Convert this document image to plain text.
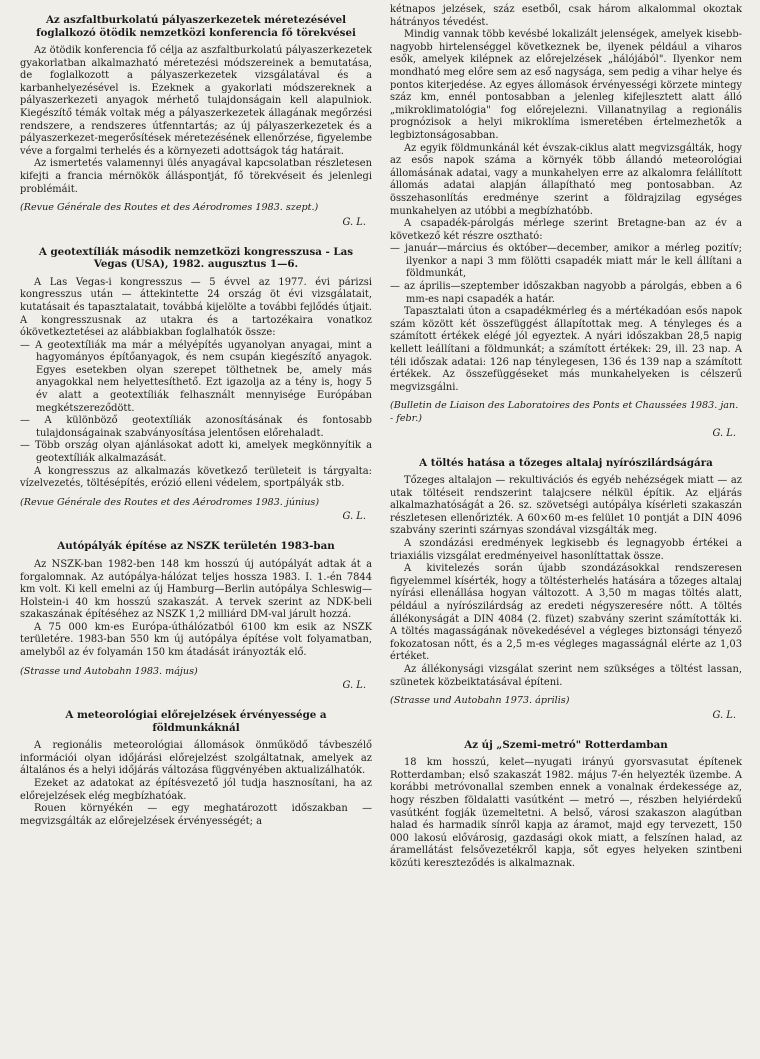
Az aszfaltburkolatú pályaszerkezetek méretezésével foglalkozó ötödik nemzetközi konferencia fő törekvései

Az ötödik konferencia fő célja az aszfaltburkolatú pályaszerkezetek gyakorlatban alkalmazható méretezési módszereinek a bemutatása, de foglalkozott a pályaszerkezetek vizsgálatával és a karbanhelyezésével is. Ezeknek a gyakorlati módszereknek a pályaszerkezeti anyagok mérhető tulajdonságain kell alapulniok. Kiegészítő témák voltak még a pályaszerkezetek állagának megőrzési rendszere, a rendszeres útfenntartás; az új pályaszerkezetek és a pályaszerkezet-megerősítések méretezésének ellenőrzése, figyelembe véve a forgalmi terhelés és a környezeti adottságok tág határait.

Az ismertetés valamennyi ülés anyagával kapcsolatban részletesen kifejti a francia mérnökök álláspontját, fő törekvéseit és jelenlegi problémáit.

(Revue Générale des Routes et des Aérodromes 1983. szept.)

G. L.
A geotextíliák második nemzetközi kongresszusa - Las Vegas (USA), 1982. augusztus 1—6.

A Las Vegas-i kongresszus — 5 évvel az 1977. évi párizsi kongresszus után — áttekintette 24 ország öt évi vizsgálatait, kutatásait és tapasztalatait, továbbá kijelölte a további fejlődés útjait. A kongresszusnak az utakra és a tartozékaira vonatkoz ókövetkeztetései az alábbiakban foglalhatók össze:

— A geotextíliák ma már a mélyépítés ugyanolyan anyagai, mint a hagyományos építőanyagok, és nem csupán kiegészítő anyagok. Egyes esetekben olyan szerepet tölthetnek be, amely más anyagokkal nem helyettesíthető. Ezt igazolja az a tény is, hogy 5 év alatt a geotextíliák felhasznált mennyisége Európában megkétszereződött.
— A különböző geotextíliák azonosításának és fontosabb tulajdonságainak szabványosítása jelentősen előrehaladt.
— Több ország olyan ajánlásokat adott ki, amelyek megkönnyítik a geotextíliák alkalmazását.

A kongresszus az alkalmazás következő területeit is tárgyalta: vízelvezetés, töltésépítés, erózió elleni védelem, sportpályák stb.

(Revue Générale des Routes et des Aérodromes 1983. június)

G. L.
Autópályák építése az NSZK területén 1983-ban

Az NSZK-ban 1982-ben 148 km hosszú új autópályát adtak át a forgalomnak. Az autópálya-hálózat teljes hossza 1983. I. 1.-én 7844 km volt. Ki kell emelni az új Hamburg—Berlin autópálya Schleswig—Holstein-i 40 km hosszú szakaszát. A tervek szerint az NDK-beli szakaszának építéséhez az NSZK 1,2 milliárd DM-val járult hozzá.

A 75 000 km-es Európa-úthálózatból 6100 km esik az NSZK területére. 1983-ban 550 km új autópálya építése volt folyamatban, amelyből az év folyamán 150 km átadását irányozták elő.

(Strasse und Autobahn 1983. május)

G. L.
A meteorológiai előrejelzések érvényessége a földmunkáknál

A regionális meteorológiai állomások önműködő távbeszélő információi olyan időjárási előrejelzést szolgáltatnak, amelyek az általános és a helyi időjárás változása függvényében aktualizálhatók.

Ezeket az adatokat az építésvezető jól tudja hasznosítani, ha az előrejelzések elég megbízhatóak.

Rouen környékén — egy meghatározott időszakban — megvizsgálták az előrejelzések érvényességét; a

kétnapos jelzések, száz esetből, csak három alkalommal okoztak hátrányos tévedést.

Mindig vannak több kevésbé lokalizált jelenségek, amelyek kisebb-nagyobb hirtelenséggel következnek be, ilyenek például a viharos esők, amelyek kilépnek az előrejelzések „hálójából". Ilyenkor nem mondható meg előre sem az eső nagysága, sem pedig a vihar helye és pontos kiterjedése. Az egyes állomások érvényességi körzete mintegy száz km, ennél pontosabban a jelenleg kifejlesztett alatt álló „mikroklimatológia" fog előrejelezni. Villanatnyilag a regionális prognózisok a helyi mikroklíma ismeretében értelmezhetők a legbiztonságosabban.

Az egyik földmunkánál két évszak-ciklus alatt megvizsgálták, hogy az esős napok száma a környék több állandó meteorológiai állomásának adatai, vagy a munkahelyen erre az alkalomra felállított állomás adatai alapján állapítható meg pontosabban. Az összehasonlítás eredménye szerint a földrajzilag egységes munkahelyen az utóbbi a megbízhatóbb.

A csapadék-párolgás mérlege szerint Bretagne-ban az év a következő két részre osztható:

— január—március és október—december, amikor a mérleg pozitív; ilyenkor a napi 3 mm fölötti csapadék miatt már le kell állítani a földmunkát,
— az április—szeptember időszakban nagyobb a párolgás, ebben a 6 mm-es napi csapadék a határ.

Tapasztalati úton a csapadékmérleg és a mértékadóan esős napok szám között két összefüggést állapítottak meg. A tényleges és a számított értékek elégé jól egyeztek. A nyári időszakban 28,5 napig kellett leállítani a földmunkát; a számított értékek: 29, ill. 23 nap. A téli időszak adatai: 126 nap ténylegesen, 136 és 139 nap a számított értékek. Az összefüggéseket más munkahelyeken is célszerű megvizsgálni.

(Bulletin de Liaison des Laboratoires des Ponts et Chaussées 1983. jan. - febr.)

G. L.
A töltés hatása a tőzeges altalaj nyírószilárdságára

Tőzeges altalajon — rekultivációs és egyéb nehézségek miatt — az utak töltéseit rendszerint talajcsere nélkül építik. Az eljárás alkalmazhatóságát a 26. sz. szövetségi autópálya kísérleti szakaszán részletesen ellenőrizték. A 60×60 m-es felület 10 pontját a DIN 4096 szabvány szerinti szárnyas szondával vizsgálták meg.

A szondázási eredmények legkisebb és legnagyobb értékei a triaxiális vizsgálat eredményeivel hasonlíttattak össze.

A kivitelezés során újabb szondázásokkal rendszeresen figyelemmel kísérték, hogy a töltésterhelés hatására a tőzeges altalaj nyírási ellenállása hogyan változott. A 3,50 m magas töltés alatt, például a nyírószilárdság az eredeti négyszeresére nőtt. A töltés állékonyságát a DIN 4084 (2. füzet) szabvány szerint számították ki. A töltés magasságának növekedésével a végleges biztonsági tényező fokozatosan nőtt, és a 2,5 m-es végleges magasságnál elérte az 1,03 értéket.

Az állékonysági vizsgálat szerint nem szükséges a töltést lassan, szünetek közbeiktatásával építeni.

(Strasse und Autobahn 1973. április)

G. L.
Az új „Szemi-metró" Rotterdamban

18 km hosszú, kelet—nyugati irányú gyorsvasutat építenek Rotterdamban; első szakaszát 1982. május 7-én helyezték üzembe. A korábbi metróvonallal szemben ennek a vonalnak érdekessége az, hogy részben földalatti vasútként — metró —, részben helyiérdekű vasútként fogják üzemeltetni. A belső, városi szakaszon alagútban halad és harmadik sínről kapja az áramot, majd egy tervezett, 150 000 lakosú elővárosig, gazdasági okok miatt, a felszínen halad, az áramellátást felsővezetékről kapja, sőt egyes helyeken szintbeni közúti kereszteződés is alkalmaznak.
